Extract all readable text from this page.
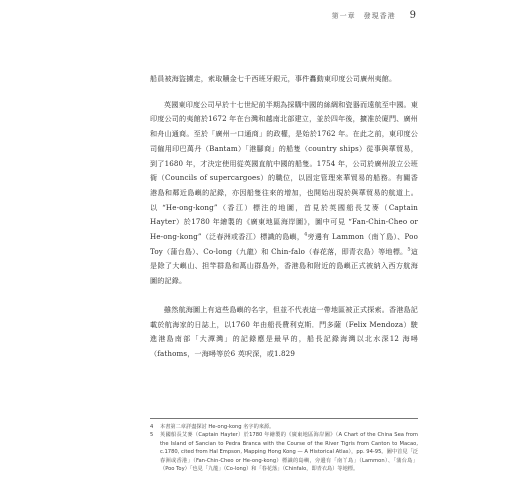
第一章　發現香港 9

船員被海盜擄走，索取贖金七千西班牙銀元，事件轟動東印度公司廣州夷館。

英國東印度公司早於十七世紀前半期為採購中國的絲綢和瓷器而遠航至中國。東印度公司的夷館於1672 年在台灣和越南北部建立，並於四年後，擴准於廈門、廣州和舟山通商。至於「廣州一口通商」的政權，是始於1762 年。在此之前，東印度公司僱用印巴萬丹（Bantam）「港腳商」的船隻（country ships）從事與華貿易，到了1680 年，才決定使用從英國直航中國的船隻。1754 年，公司於廣州設立公班衙（Councils of supercargoes）的職位，以固定管理來華貿易的船務。有關香港島和鄰近島嶼的記錄，亦因船隻往來的增加，也開始出現於與華貿易的航道上。以 “He-ong-kong”（香江）標注的地圖，首見於英國船長艾麥（Captain Hayter）於1780 年繪製的《廣東地區海岸圖》，圖中可見 “Fan-Chin-Cheo or He-ong-kong”（泛春洲或香江）標識的島嶼，$^4$旁邊有 Lammon（南丫島）、Poo Toy（蒲台島）、Co-long（九龍）和 Chin-falo（春花落，即青衣島）等地標。$^5$這是除了大嶼山、担竿群島和萬山群島外，香港島和附近的島嶼正式被納入西方航海圖的記錄。

雖然航海圖上有這些島嶼的名字，但並不代表這一帶地區被正式探索。香港島記載於航海家的日誌上，以1760 年由船長費利克斯．門多薩（Felix Mendoza）駛進港島南部「大潭灣」的記錄應是最早的，船長記錄海灣以北水深12 海噚（fathoms，一海噚等於6 英呎深，或1.829

4	本書第二章詳盡探討 He-ong-kong 名字的來源。
5	英國船長艾麥（Captain Hayter）於1780 年繪製的《廣東地區海岸圖》（A Chart of the China Sea from the Island of Sancian to Pedra Branca with the Course of the River Tigris from Canton to Macao, c.1780, cited from Hal Empson, Mapping Hong Kong — A Historical Atlas），pp. 94-95。圖中首見「泛春洲或香港」（Fan-Chin-Cheo or He-ong-kong）標識的島嶼，旁邊有「南丫島」（Lammon）、「蒲台島」（Poo Toy）「也見「九龍」（Co-long）和「春花落」（Chinfalo，即青衣島）等地標。
